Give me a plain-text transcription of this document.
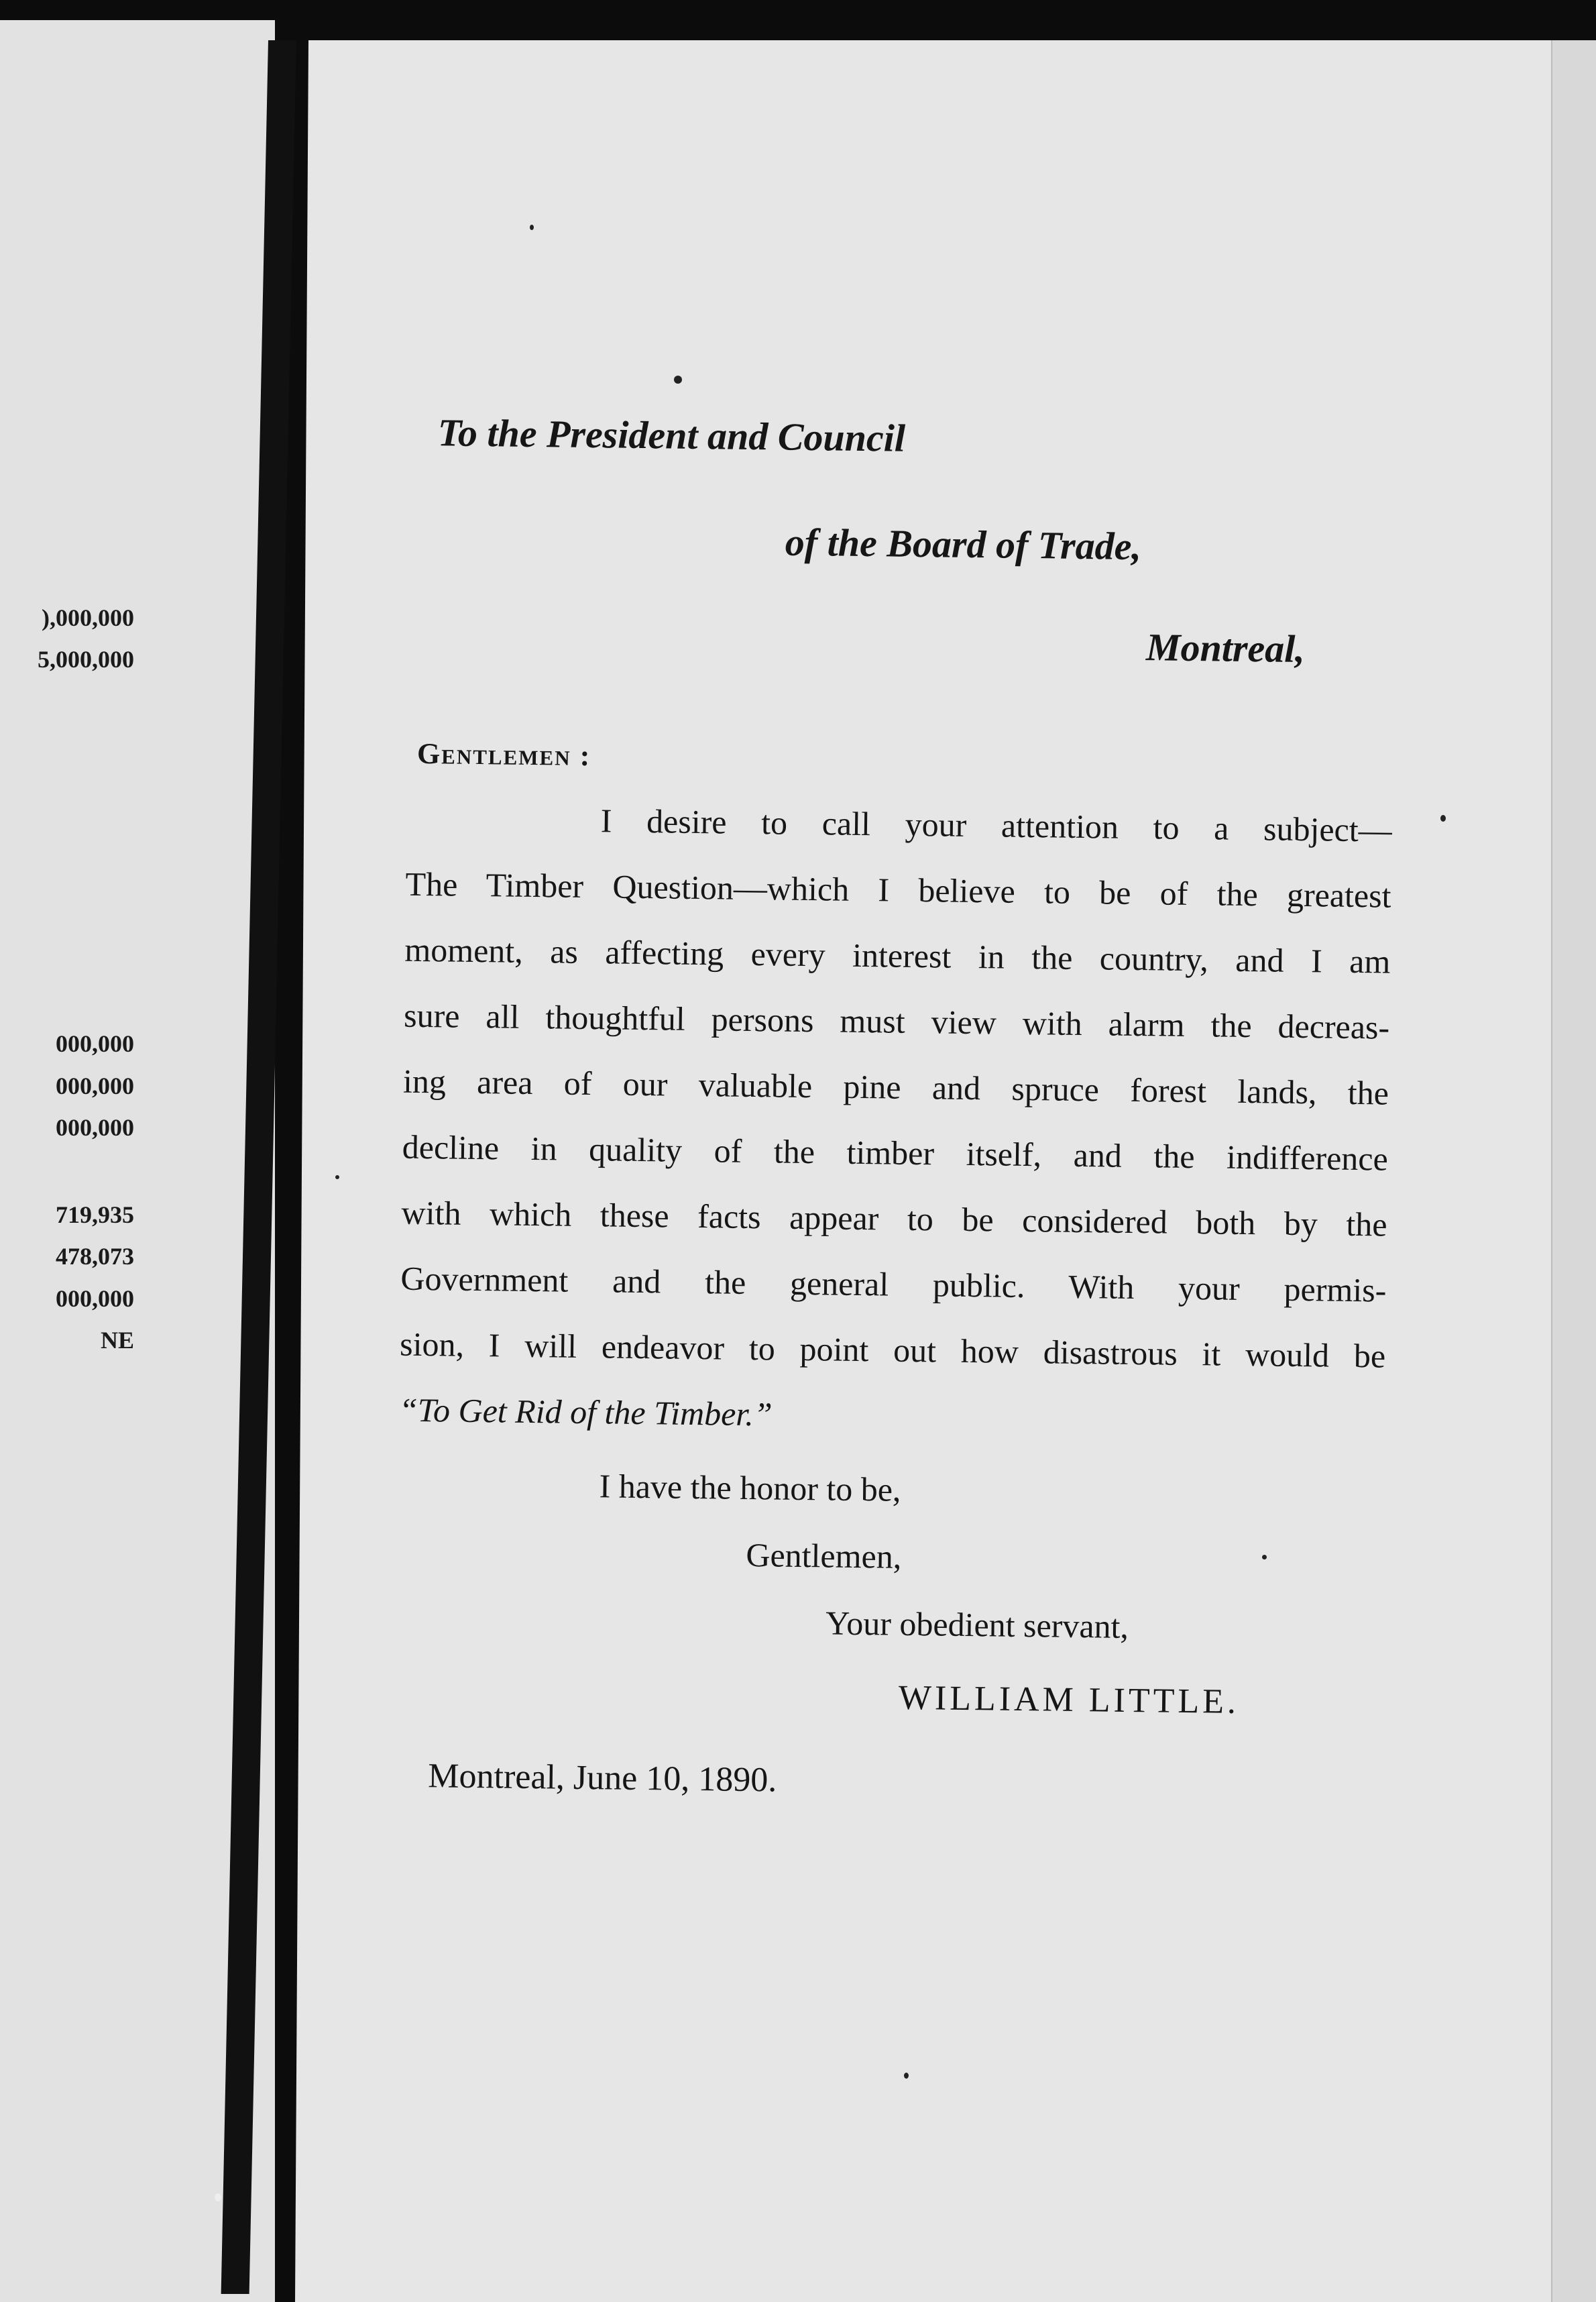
),000,000
5,000,000
000,000
000,000
000,000
719,935
478,073
000,000
NE
To the President and Council
of the Board of Trade,
Montreal,
Gentlemen :
I desire to call your attention to a subject—
The Timber Question—which I believe to be of the greatest
moment, as affecting every interest in the country, and I am
sure all thoughtful persons must view with alarm the decreas-
ing area of our valuable pine and spruce forest lands, the
decline in quality of the timber itself, and the indifference
with which these facts appear to be considered both by the
Government and the general public. With your permis-
sion, I will endeavor to point out how disastrous it would be
“To Get Rid of the Timber.”
I have the honor to be,
Gentlemen,
Your obedient servant,
WILLIAM LITTLE.
Montreal, June 10, 1890.
